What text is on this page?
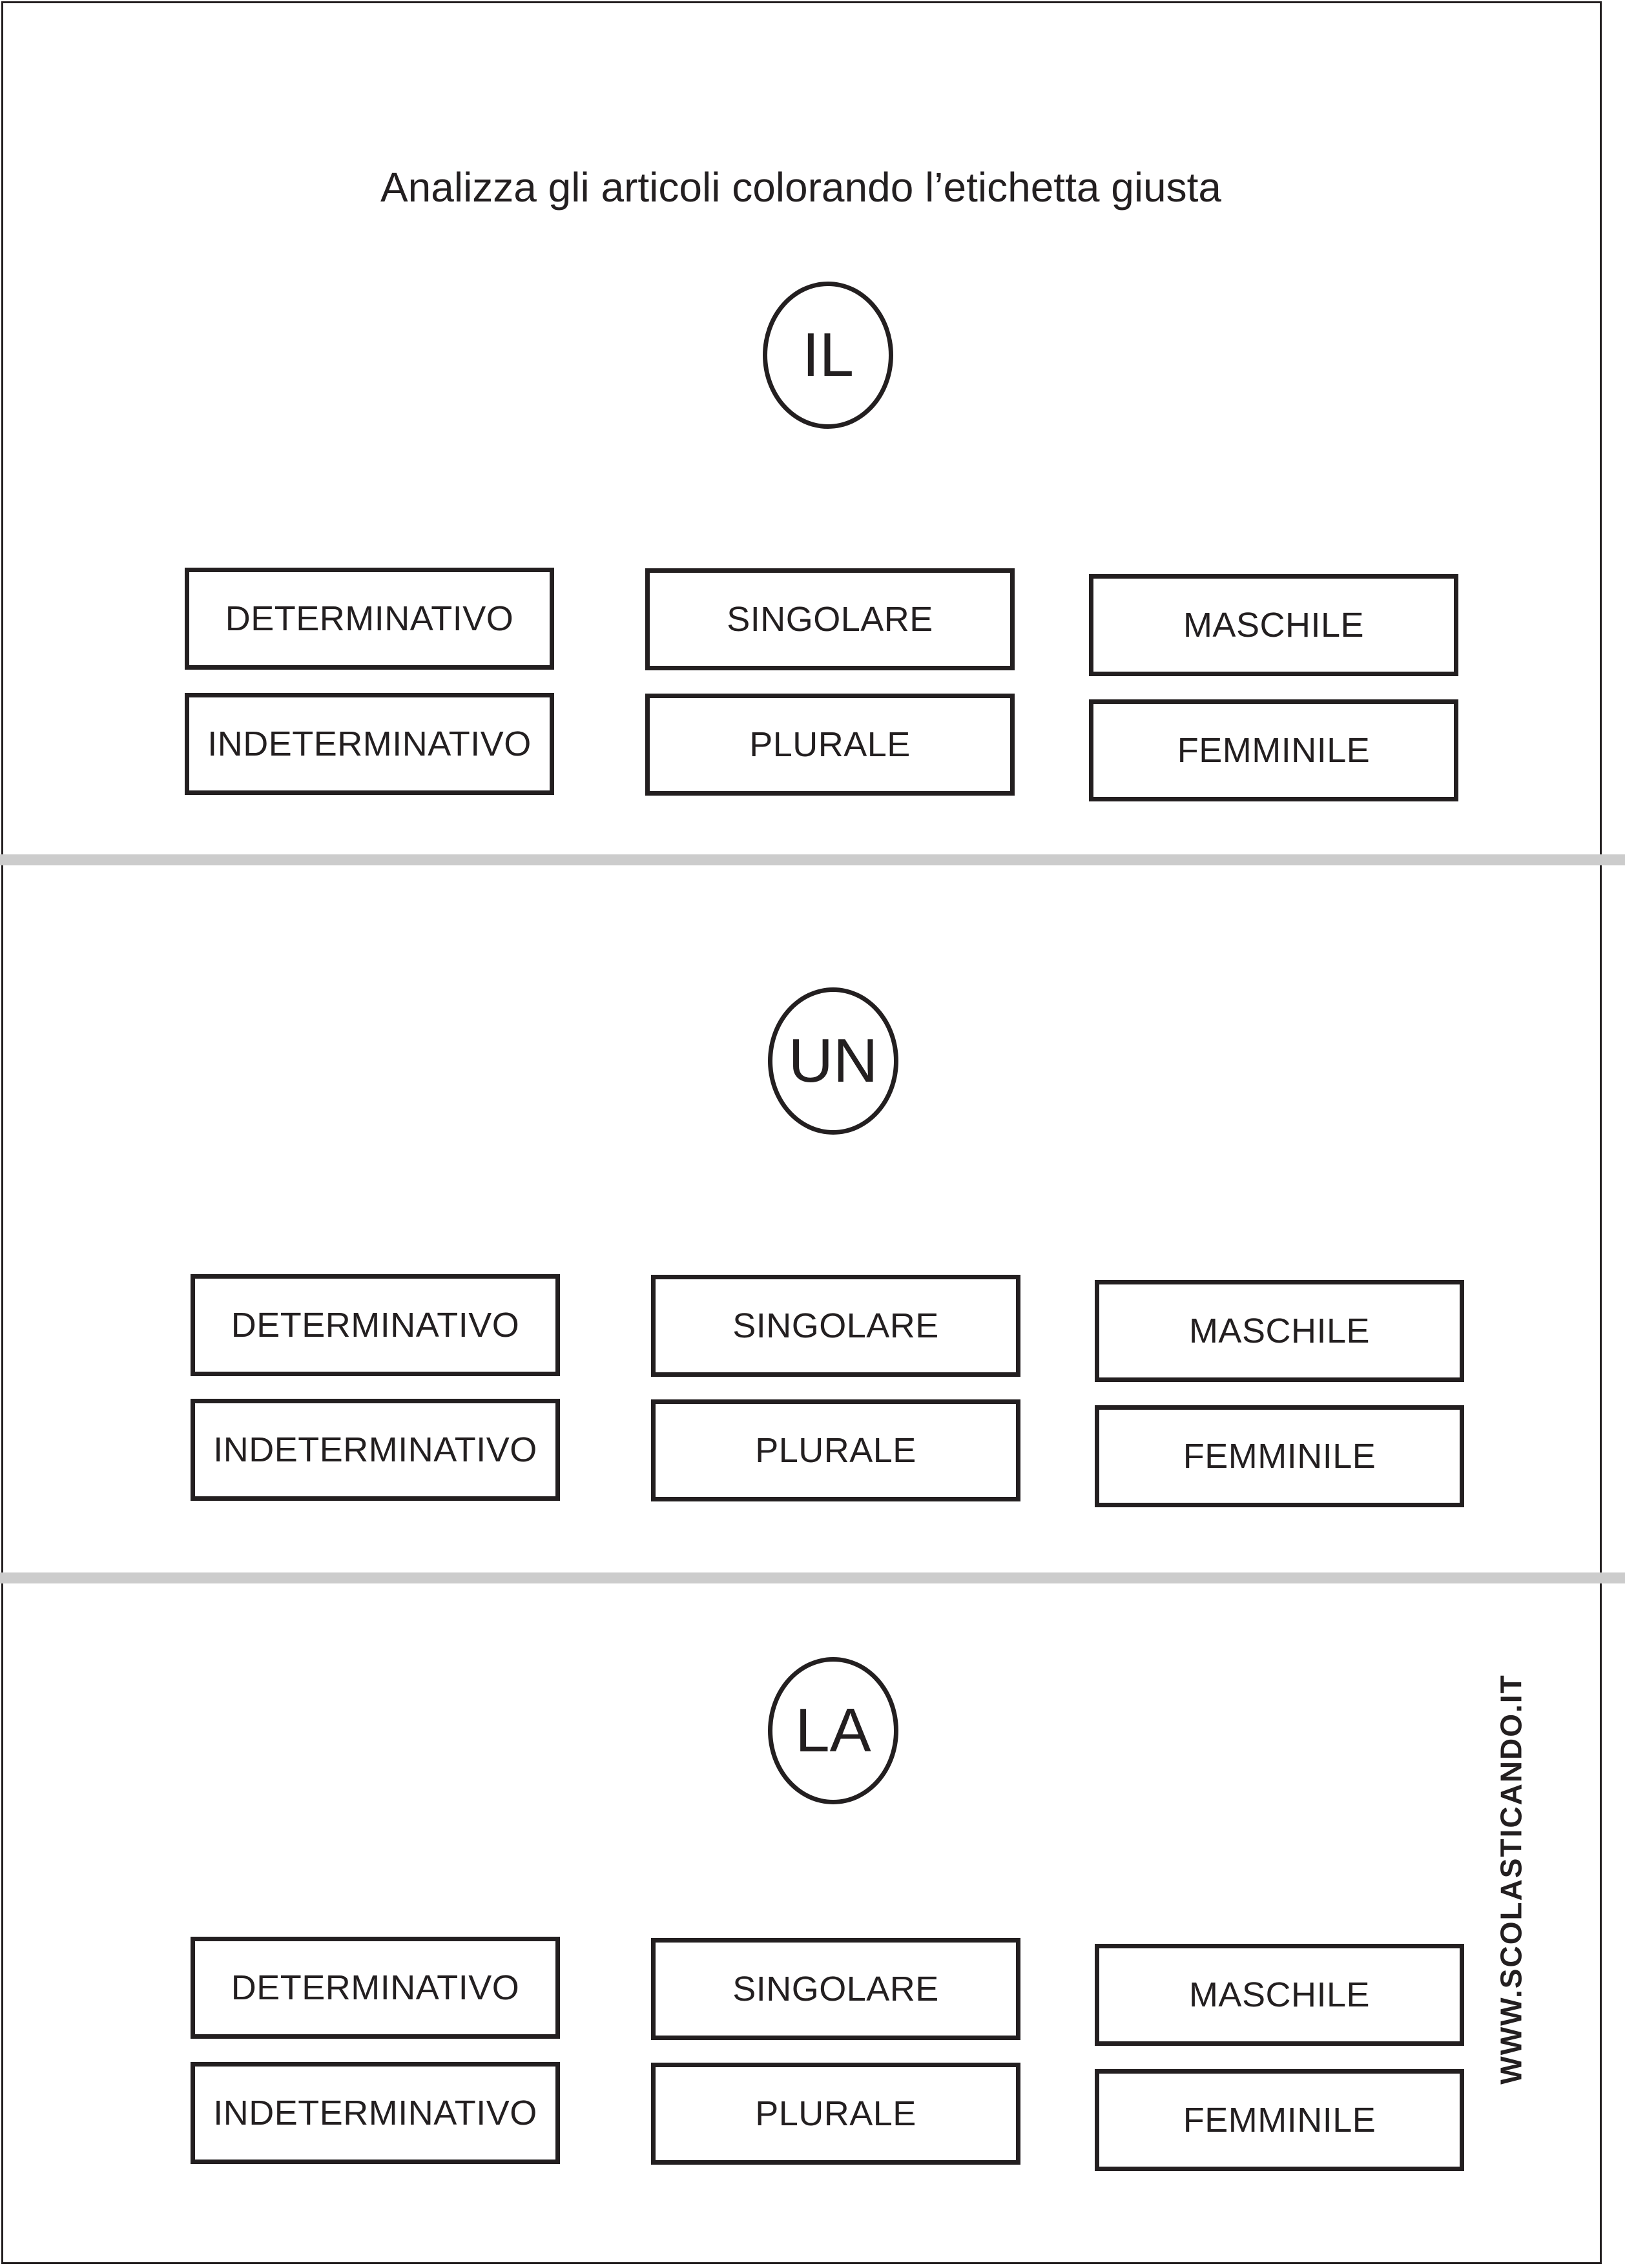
Analizza gli articoli colorando l’etichetta giusta
IL
DETERMINATIVO
INDETERMINATIVO
SINGOLARE
PLURALE
MASCHILE
FEMMINILE
UN
DETERMINATIVO
INDETERMINATIVO
SINGOLARE
PLURALE
MASCHILE
FEMMINILE
LA
DETERMINATIVO
INDETERMINATIVO
SINGOLARE
PLURALE
MASCHILE
FEMMINILE
WWW.SCOLASTICANDO.IT
